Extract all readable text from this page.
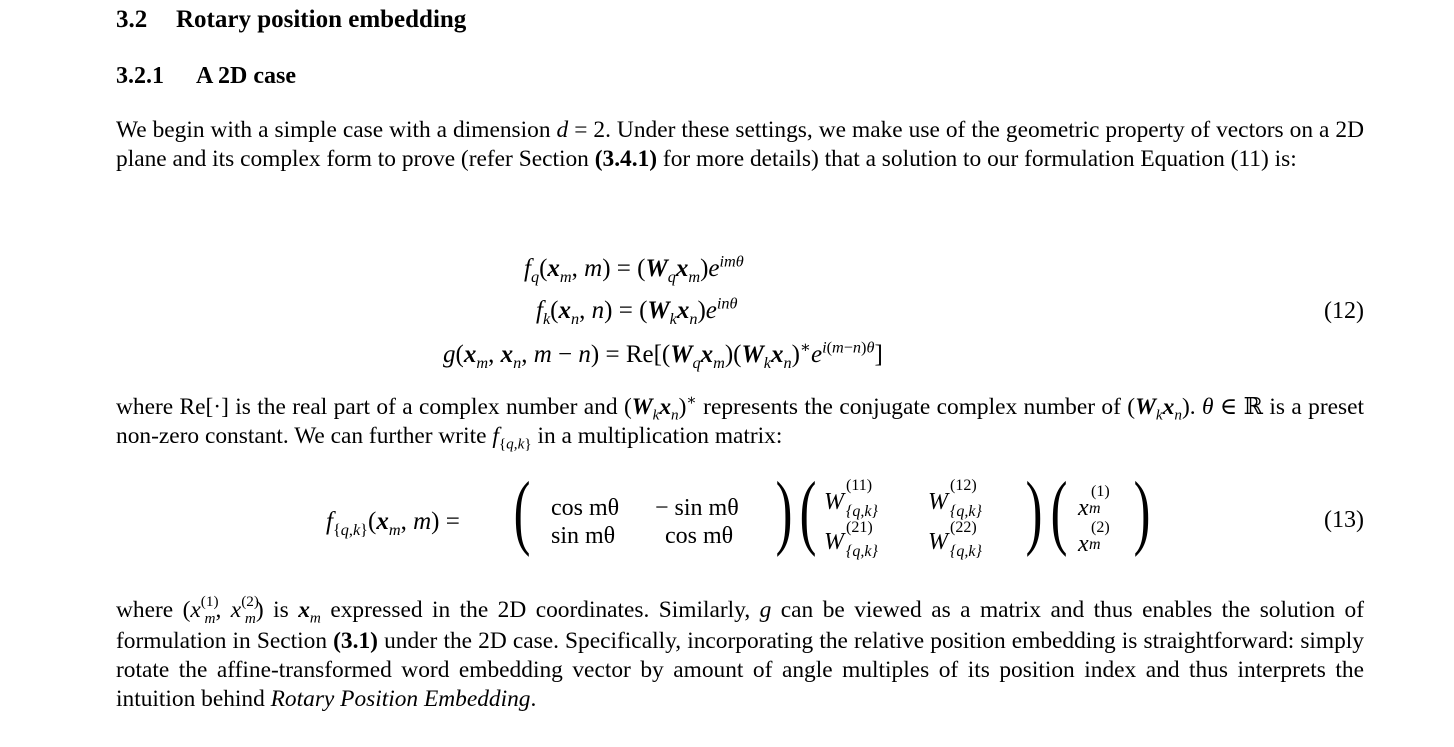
3.2 Rotary position embedding
3.2.1 A 2D case

We begin with a simple case with a dimension d = 2. Under these settings, we make use of the geometric property of vectors on a 2D plane and its complex form to prove (refer Section (3.4.1) for more details) that a solution to our formulation Equation (11) is:

$f_q(x_m$, $m) = (W_qx_m)e^{im\theta}$
$f_k(x_n$, $n) = (W_kx_n)e^{in\theta}$
$g(x_m$, $x_n$, $m - n) = Re[(W_qx_m)(W_kx_n)^∗e^{i(m-n)\theta}]$
(12)

where Re[·] is the real part of a complex number and $(W_kx_n)^∗$ represents the conjugate complex number of $(W_kx_n)$. θ ∈ ℝ is a preset non-zero constant. We can further write $f_{\{q,k\}}$ in a multiplication matrix:

$f_{\{q,k\}}(x_m$, m) = ( cos mθ − sin mθ
sin mθ cos mθ ) ( W
(11)
{q,k} W
(12)
{q,k}
W
(21)
{q,k} W
(22)
{q,k} ) ( x
(1)
m
x
(2)
m )	(13)

where ($x^{(1)}_m$, $x^{(2)}_m$) is $x_m$ expressed in the 2D coordinates. Similarly, g can be viewed as a matrix and thus enables the solution of formulation in Section (3.1) under the 2D case. Specifically, incorporating the relative position embedding is straightforward: simply rotate the affine-transformed word embedding vector by amount of angle multiples of its position index and thus interprets the intuition behind Rotary Position Embedding.
